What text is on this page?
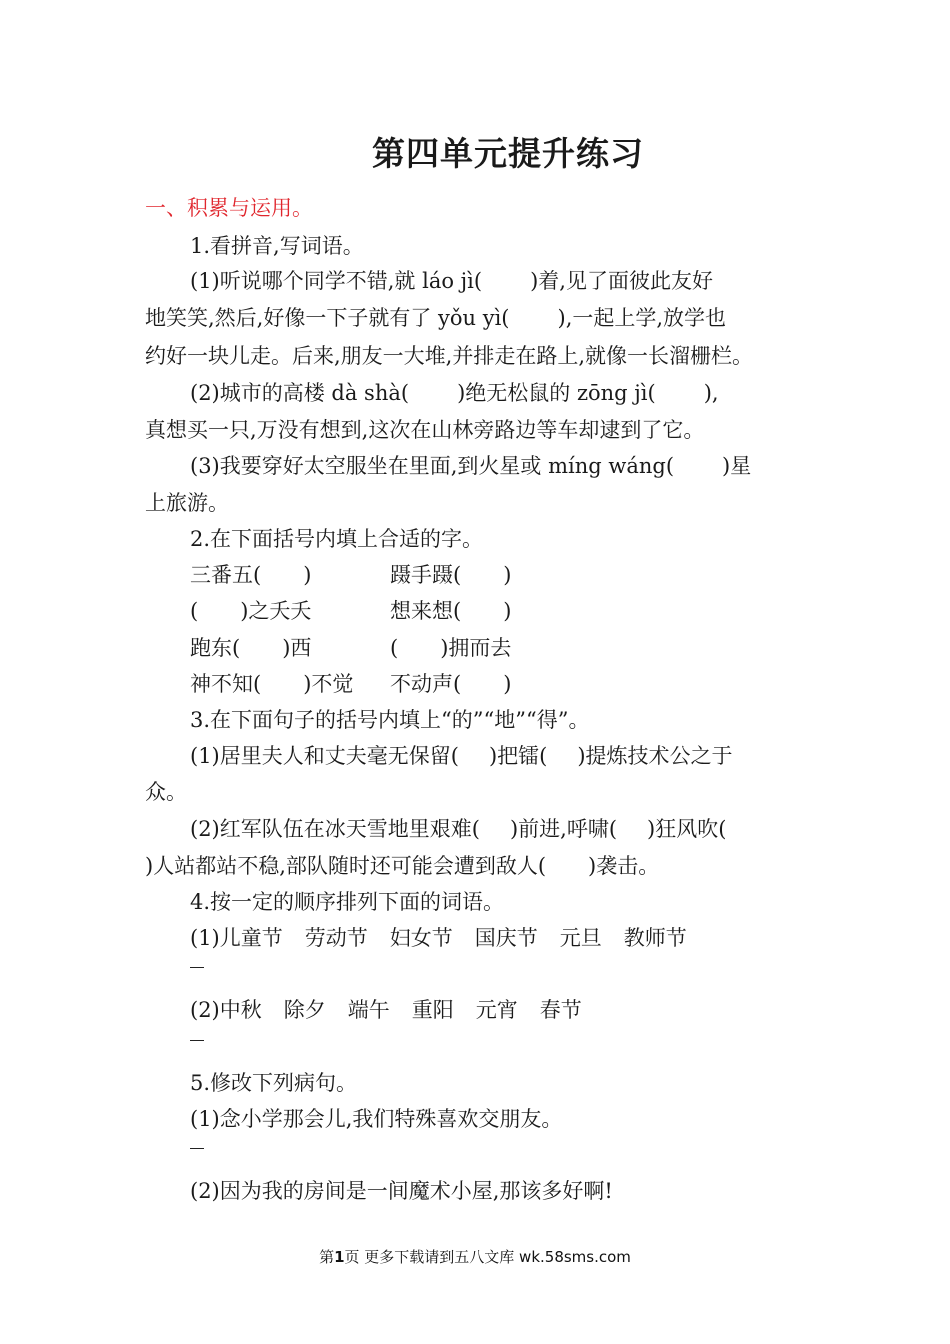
第四单元提升练习
一、积累与运用。
1.看拼音,写词语。
(1)听说哪个同学不错,就 láo jì( )着,见了面彼此友好
地笑笑,然后,好像一下子就有了 yǒu yì( ),一起上学,放学也
约好一块儿走。后来,朋友一大堆,并排走在路上,就像一长溜栅栏。
(2)城市的高楼 dà shà( )绝无松鼠的 zōng jì( ),
真想买一只,万没有想到,这次在山林旁路边等车却逮到了它。
(3)我要穿好太空服坐在里面,到火星或 míng wáng( )星
上旅游。
2.在下面括号内填上合适的字。
三番五(　　)	蹑手蹑(　　)
(　　)之夭夭	想来想(　　)
跑东(　　)西	(　　)拥而去
神不知(　　)不觉 不动声(　　)
3.在下面句子的括号内填上“的”“地”“得”。
(1)居里夫人和丈夫毫无保留( )把镭( )提炼技术公之于
众。
(2)红军队伍在冰天雪地里艰难( )前进,呼啸( )狂风吹(
)人站都站不稳,部队随时还可能会遭到敌人(　　)袭击。
4.按一定的顺序排列下面的词语。
(1)儿童节 劳动节 妇女节 国庆节 元旦 教师节
(2)中秋 除夕 端午 重阳 元宵 春节
5.修改下列病句。
(1)念小学那会儿,我们特殊喜欢交朋友。
(2)因为我的房间是一间魔术小屋,那该多好啊!
第1页 更多下载请到五八文库 wk.58sms.com
